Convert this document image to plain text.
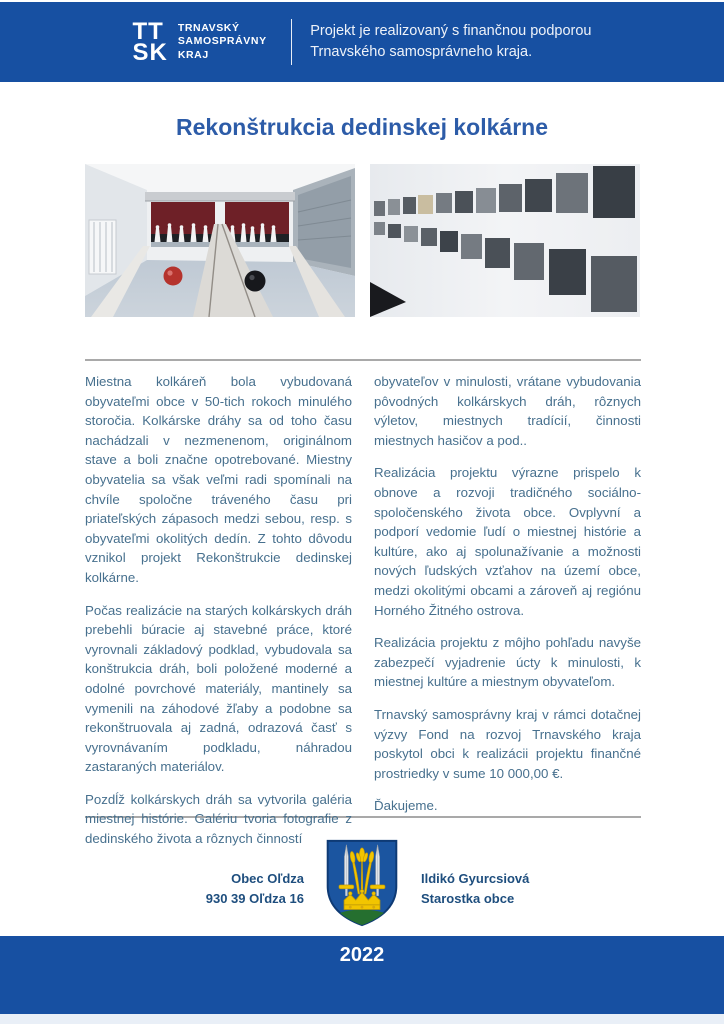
TT
SK
TRNAVSKÝ
SAMOSPRÁVNY
KRAJ
Projekt je realizovaný s finančnou podporou
Trnavského samosprávneho kraja.
Rekonštrukcia dedinskej kolkárne

Miestna kolkáreň bola vybudovaná obyvateľmi obce v 50-tich rokoch minulého storočia. Kolkárske dráhy sa od toho času nachádzali v nezmenenom, originálnom stave a boli značne opotrebované. Miestny obyvatelia sa však veľmi radi spomínali na chvíle spoločne tráveného času pri priateľských zápasoch medzi sebou, resp. s obyvateľmi okolitých dedín. Z tohto dôvodu vznikol projekt Rekonštrukcie dedinskej kolkárne.

Počas realizácie na starých kolkárskych dráh prebehli búracie aj stavebné práce, ktoré vyrovnali základový podklad, vybudovala sa konštrukcia dráh, boli položené moderné a odolné povrchové materiály, mantinely sa vymenili na záhodové žľaby a podobne sa rekonštruovala aj zadná, odrazová časť s vyrovnávaním podkladu, náhradou zastaraných materiálov.

Pozdĺž kolkárskych dráh sa vytvorila galéria miestnej histórie. Galériu tvoria fotografie z dedinského života a rôznych činností

obyvateľov v minulosti, vrátane vybudovania pôvodných kolkárskych dráh, rôznych výletov, miestnych tradícií, činnosti miestnych hasičov a pod..

Realizácia projektu výrazne prispelo k obnove a rozvoji tradičného sociálno-spoločenského života obce. Ovplyvní a podporí vedomie ľudí o miestnej histórie a kultúre, ako aj spolunažívanie a možnosti nových ľudských vzťahov na území obce, medzi okolitými obcami a zároveň aj regiónu Horného Žitného ostrova.

Realizácia projektu z môjho pohľadu navyše zabezpečí vyjadrenie úcty k minulosti, k miestnej kultúre a miestnym obyvateľom.

Trnavský samosprávny kraj v rámci dotačnej výzvy Fond na rozvoj Trnavského kraja poskytol obci k realizácii projektu finančné prostriedky v sume 10 000,00 €.

Ďakujeme.

Obec Oľdza
930 39 Oľdza 16
Ildikó Gyurcsiová
Starostka obce
2022
